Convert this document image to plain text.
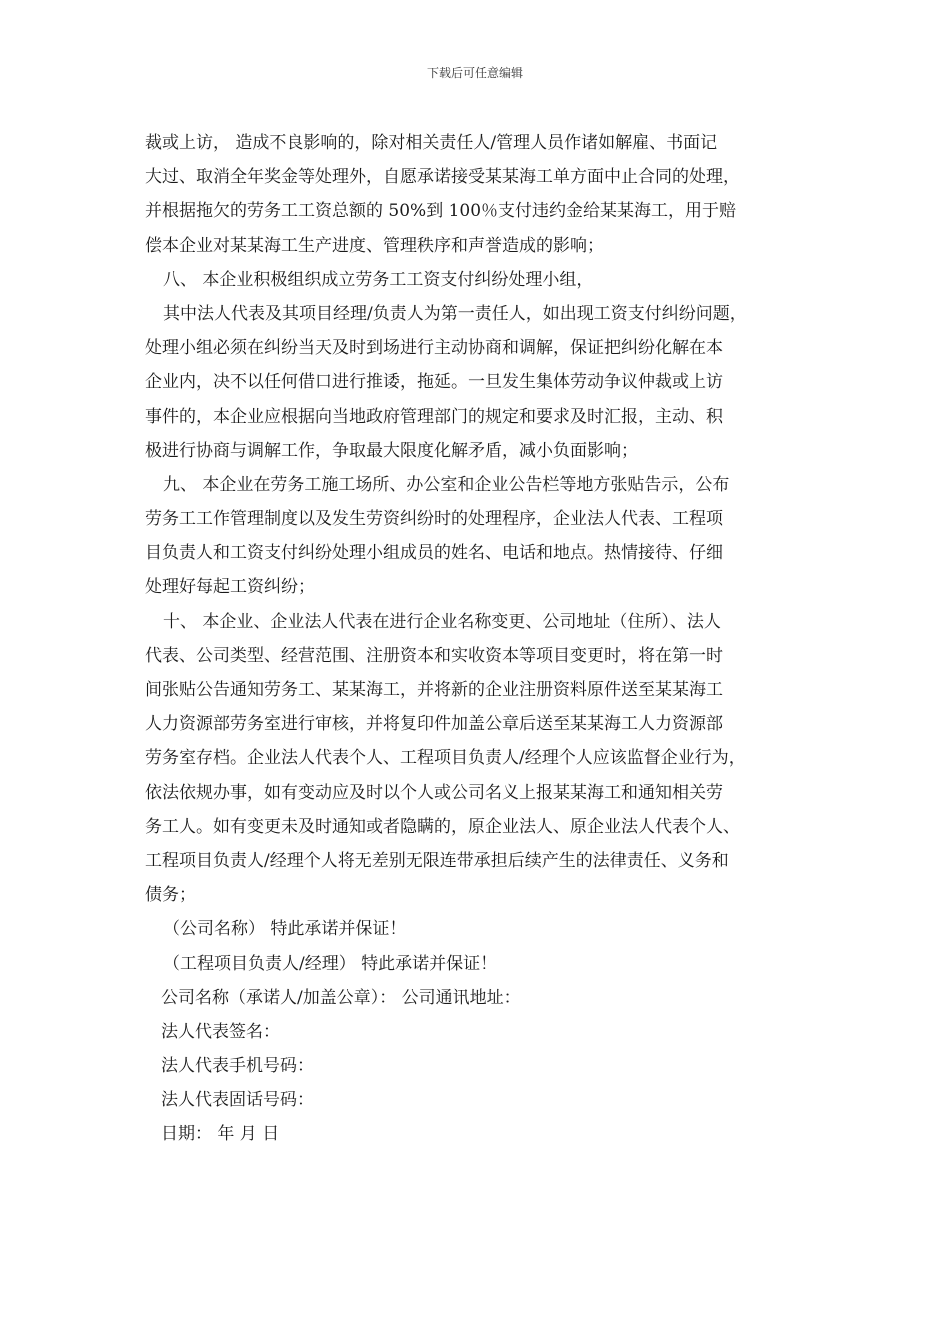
下载后可任意编辑
裁或上访， 造成不良影响的，除对相关责任人/管理人员作诸如解雇、书面记
大过、取消全年奖金等处理外，自愿承诺接受某某海工单方面中止合同的处理，
并根据拖欠的劳务工工资总额的 50%到 100％支付违约金给某某海工，用于赔
偿本企业对某某海工生产进度、管理秩序和声誉造成的影响；
八、 本企业积极组织成立劳务工工资支付纠纷处理小组，
其中法人代表及其项目经理/负责人为第一责任人，如出现工资支付纠纷问题，
处理小组必须在纠纷当天及时到场进行主动协商和调解，保证把纠纷化解在本
企业内，决不以任何借口进行推诿，拖延。一旦发生集体劳动争议仲裁或上访
事件的，本企业应根据向当地政府管理部门的规定和要求及时汇报，主动、积
极进行协商与调解工作，争取最大限度化解矛盾，减小负面影响；
九、 本企业在劳务工施工场所、办公室和企业公告栏等地方张贴告示，公布
劳务工工作管理制度以及发生劳资纠纷时的处理程序，企业法人代表、工程项
目负责人和工资支付纠纷处理小组成员的姓名、电话和地点。热情接待、仔细
处理好每起工资纠纷；
十、 本企业、企业法人代表在进行企业名称变更、公司地址（住所）、法人
代表、公司类型、经营范围、注册资本和实收资本等项目变更时，将在第一时
间张贴公告通知劳务工、某某海工，并将新的企业注册资料原件送至某某海工
人力资源部劳务室进行审核，并将复印件加盖公章后送至某某海工人力资源部
劳务室存档。企业法人代表个人、工程项目负责人/经理个人应该监督企业行为，
依法依规办事，如有变动应及时以个人或公司名义上报某某海工和通知相关劳
务工人。如有变更未及时通知或者隐瞒的，原企业法人、原企业法人代表个人、
工程项目负责人/经理个人将无差别无限连带承担后续产生的法律责任、义务和
债务；
（公司名称） 特此承诺并保证！
（工程项目负责人/经理） 特此承诺并保证！
公司名称（承诺人/加盖公章）： 公司通讯地址：
法人代表签名：
法人代表手机号码：
法人代表固话号码：
日期： 年 月 日
